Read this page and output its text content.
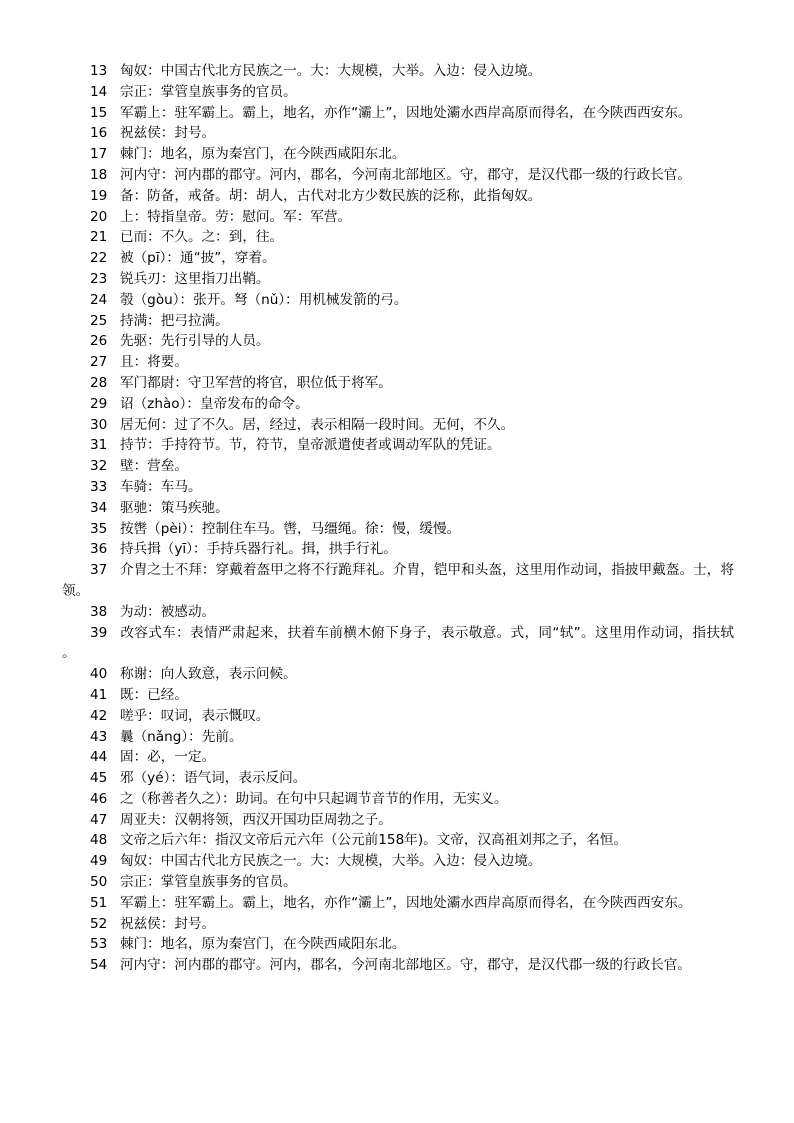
13 匈奴：中国古代北方民族之一。大：大规模，大举。入边：侵入边境。

14 宗正：掌管皇族事务的官员。

15 军霸上：驻军霸上。霸上，地名，亦作“灞上”，因地处灞水西岸高原而得名，在今陕西西安东。

16 祝兹侯：封号。

17 棘门：地名，原为秦宫门，在今陕西咸阳东北。

18 河内守：河内郡的郡守。河内，郡名，今河南北部地区。守，郡守，是汉代郡一级的行政长官。

19 备：防备，戒备。胡：胡人，古代对北方少数民族的泛称，此指匈奴。

20 上：特指皇帝。劳：慰问。军：军营。

21 已而：不久。之：到，往。

22 被（pī）：通“披”，穿着。

23 锐兵刃：这里指刀出鞘。

24 彀（gòu）：张开。弩（nǔ）：用机械发箭的弓。

25 持满：把弓拉满。

26 先驱：先行引导的人员。

27 且：将要。

28 军门都尉：守卫军营的将官，职位低于将军。

29 诏（zhào）：皇帝发布的命令。

30 居无何：过了不久。居，经过，表示相隔一段时间。无何，不久。

31 持节：手持符节。节，符节，皇帝派遣使者或调动军队的凭证。

32 壁：营垒。

33 车骑：车马。

34 驱驰：策马疾驰。

35 按辔（pèi）：控制住车马。辔，马缰绳。徐：慢，缓慢。

36 持兵揖（yī）：手持兵器行礼。揖，拱手行礼。

37 介胄之士不拜：穿戴着盔甲之将不行跪拜礼。介胄，铠甲和头盔，这里用作动词，指披甲戴盔。士，将领。

38 为动：被感动。

39 改容式车：表情严肃起来，扶着车前横木俯下身子，表示敬意。式，同“轼”。这里用作动词，指扶轼 。

40 称谢：向人致意，表示问候。

41 既：已经。

42 嗟乎：叹词，表示慨叹。

43 曩（nǎng）：先前。

44 固：必，一定。

45 邪（yé）：语气词，表示反问。

46 之（称善者久之）：助词。在句中只起调节音节的作用，无实义。

47 周亚夫：汉朝将领，西汉开国功臣周勃之子。

48 文帝之后六年：指汉文帝后元六年（公元前158年)。文帝，汉高祖刘邦之子，名恒。

49 匈奴：中国古代北方民族之一。大：大规模，大举。入边：侵入边境。

50 宗正：掌管皇族事务的官员。

51 军霸上：驻军霸上。霸上，地名，亦作“灞上”，因地处灞水西岸高原而得名，在今陕西西安东。

52 祝兹侯：封号。

53 棘门：地名，原为秦宫门，在今陕西咸阳东北。

54 河内守：河内郡的郡守。河内，郡名，今河南北部地区。守，郡守，是汉代郡一级的行政长官。
